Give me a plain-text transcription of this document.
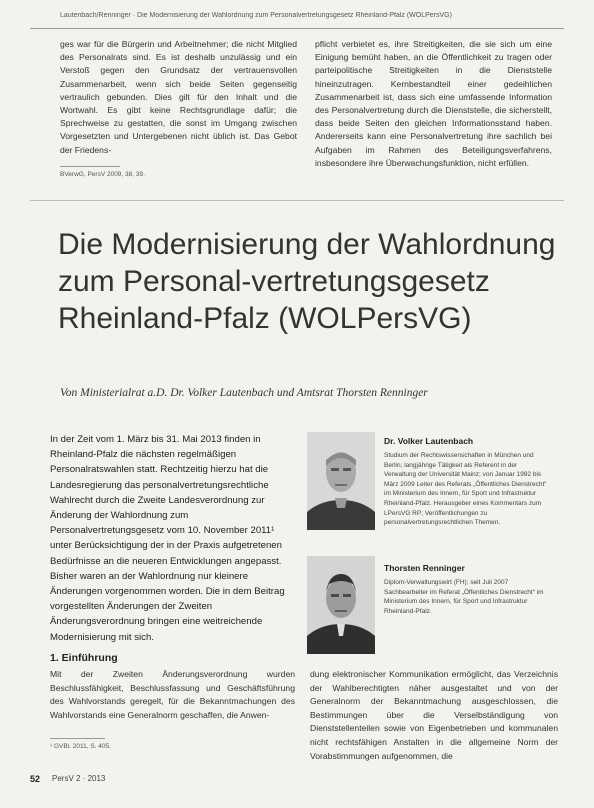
Lautenbach/Renninger · Die Modernisierung der Wahlordnung zum Personalvertretungsgesetz Rheinland-Pfalz (WOLPersVG)

ges war für die Bürgerin und Arbeitnehmer; die nicht Mitglied des Personalrats sind. Es ist deshalb unzulässig und ein Verstoß gegen den Grundsatz der vertrauensvollen Zusammenarbeit, wenn sich beide Seiten gegenseitig vertraulich gebunden. Dies gilt für den Inhalt und die Wortwahl. Es gibt keine Rechtsgrundlage dafür; die Sprechweise zu gestatten, die sonst im Umgang zwischen Vorgesetzten und Untergebenen nicht üblich ist. Das Gebot der Friedens-

pflicht verbietet es, ihre Streitigkeiten, die sie sich um eine Einigung bemüht haben, an die Öffentlichkeit zu tragen oder parteipolitische Streitigkeiten in die Dienststelle hineinzutragen. Kernbestandteil einer gedeihlichen Zusammenarbeit ist, dass sich eine umfassende Information des Personalvertretung durch die Dienststelle, die sicherstellt, dass beide Seiten den gleichen Informationsstand haben. Andererseits kann eine Personalvertretung ihre sachlich bei Aufgaben im Rahmen des Beteiligungsverfahrens, insbesondere ihre Überwachungsfunktion, nicht erfüllen.

BVerwG, PersV 2009, 38, 39.
Die Modernisierung der Wahlordnung zum Personal-vertretungsgesetz Rheinland-Pfalz (WOLPersVG)
Von Ministerialrat a.D. Dr. Volker Lautenbach und Amtsrat Thorsten Renninger

In der Zeit vom 1. März bis 31. Mai 2013 finden in Rheinland-Pfalz die nächsten regelmäßigen Personalratswahlen statt. Rechtzeitig hierzu hat die Landesregierung das personalvertretungsrechtliche Wahlrecht durch die Zweite Landesverordnung zur Änderung der Wahlordnung zum Personalvertretungsgesetz vom 10. November 2011¹ unter Berücksichtigung der in der Praxis aufgetretenen Bedürfnisse an die neueren Entwicklungen angepasst. Bisher waren an der Wahlordnung nur kleinere Änderungen vorgenommen worden. Die in dem Beitrag vorgestellten Änderungen der Zweiten Änderungsverordnung bringen eine weitreichende Modernisierung mit sich.

Dr. Volker Lautenbach
Studium der Rechtswissenschaften in München und Berlin; langjährige Tätigkeit als Referent in der Verwaltung der Universität Mainz; von Januar 1992 bis März 2009 Leiter des Referats „Öffentliches Dienstrecht“ im Ministerium des Innern, für Sport und Infrastruktur Rheinland-Pfalz. Herausgeber eines Kommentars zum LPersVG RP; Veröffentlichungen zu personalvertretungsrechtlichen Themen.
Thorsten Renninger
Diplom-Verwaltungswirt (FH); seit Juli 2007 Sachbearbeiter im Referat „Öffentliches Dienstrecht“ im Ministerium des Innern, für Sport und Infrastruktur Rheinland-Pfalz.
1. Einführung

Mit der Zweiten Änderungsverordnung wurden Beschlussfähigkeit, Beschlussfassung und Geschäftsführung des Wahlvorstands geregelt, für die Bekanntmachungen des Wahlvorstands eine Generalnorm geschaffen, die Anwen-

dung elektronischer Kommunikation ermöglicht, das Verzeichnis der Wahlberechtigten näher ausgestaltet und von der Generalnorm der Bekanntmachung ausgeschlossen, die Bestimmungen über die Verselbständigung von Dienststellenteilen sowie von Eigenbetrieben und kommunalen nicht rechtsfähigen Anstalten in die allgemeine Norm der Vorabstimmungen aufgenommen, die

¹ GVBl. 2011, S. 405.
52 PersV 2 · 2013
